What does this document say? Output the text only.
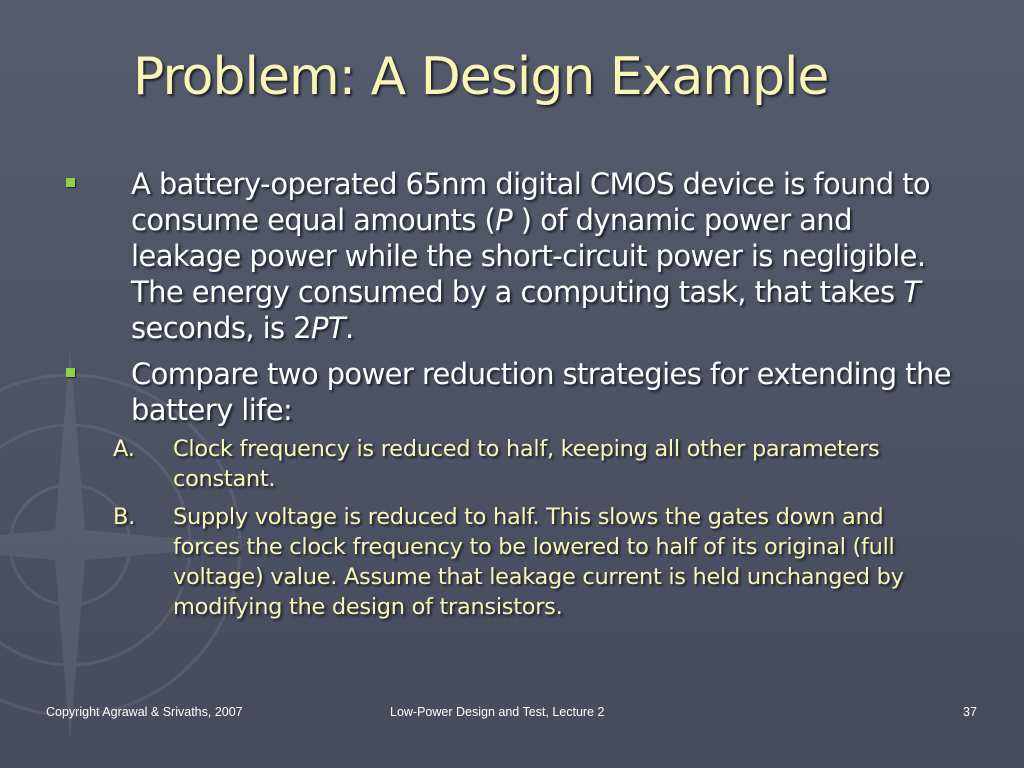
Problem: A Design Example
A battery-operated 65nm digital CMOS device is found to consume equal amounts (P ) of dynamic power and leakage power while the short-circuit power is negligible. The energy consumed by a computing task, that takes T seconds, is 2PT.
Compare two power reduction strategies for extending the battery life:
A. Clock frequency is reduced to half, keeping all other parameters constant.
B. Supply voltage is reduced to half. This slows the gates down and forces the clock frequency to be lowered to half of its original (full voltage) value. Assume that leakage current is held unchanged by modifying the design of transistors.
Copyright Agrawal & Srivaths, 2007	Low-Power Design and Test, Lecture 2	37
